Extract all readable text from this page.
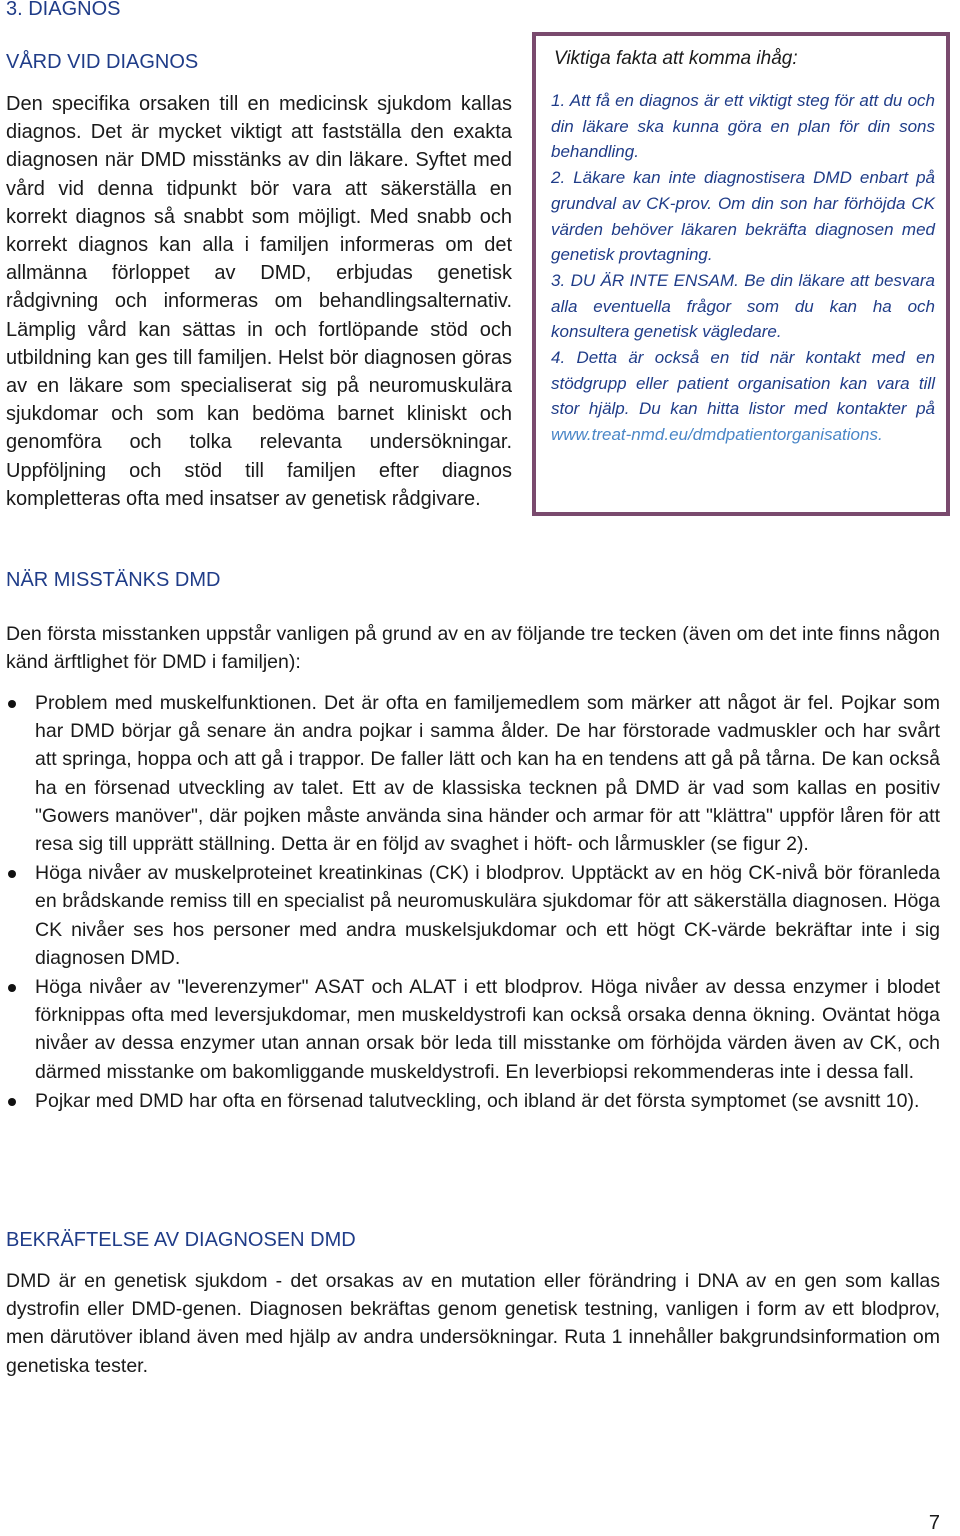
3. DIAGNOS
VÅRD VID DIAGNOS

Den specifika orsaken till en medicinsk sjukdom kallas diagnos. Det är mycket viktigt att fastställa den exakta diagnosen när DMD misstänks av din läkare. Syftet med vård vid denna tidpunkt bör vara att säkerställa en korrekt diagnos så snabbt som möjligt. Med snabb och korrekt diagnos kan alla i familjen informeras om det allmänna förloppet av DMD, erbjudas genetisk rådgivning och informeras om behandlingsalternativ. Lämplig vård kan sättas in och fortlöpande stöd och utbildning kan ges till familjen. Helst bör diagnosen göras av en läkare som specialiserat sig på neuromuskulära sjukdomar och som kan bedöma barnet kliniskt och genomföra och tolka relevanta undersökningar. Uppföljning och stöd till familjen efter diagnos kompletteras ofta med insatser av genetisk rådgivare.

Viktiga fakta att komma ihåg:

1. Att få en diagnos är ett viktigt steg för att du och din läkare ska kunna göra en plan för din sons behandling.
2. Läkare kan inte diagnostisera DMD enbart på grundval av CK-prov. Om din son har förhöjda CK värden behöver läkaren bekräfta diagnosen med genetisk provtagning.
3. DU ÄR INTE ENSAM. Be din läkare att besvara alla eventuella frågor som du kan ha och konsultera genetisk vägledare.
4. Detta är också en tid när kontakt med en stödgrupp eller patient organisation kan vara till stor hjälp. Du kan hitta listor med kontakter på www.treat-nmd.eu/dmdpatientorganisations.
NÄR MISSTÄNKS DMD

Den första misstanken uppstår vanligen på grund av en av följande tre tecken (även om det inte finns någon känd ärftlighet för DMD i familjen):

Problem med muskelfunktionen. Det är ofta en familjemedlem som märker att något är fel. Pojkar som har DMD börjar gå senare än andra pojkar i samma ålder. De har förstorade vadmuskler och har svårt att springa, hoppa och att gå i trappor. De faller lätt och kan ha en tendens att gå på tårna. De kan också ha en försenad utveckling av talet. Ett av de klassiska tecknen på DMD är vad som kallas en positiv "Gowers manöver", där pojken måste använda sina händer och armar för att "klättra" uppför låren för att resa sig till upprätt ställning. Detta är en följd av svaghet i höft- och lårmuskler (se figur 2).
Höga nivåer av muskelproteinet kreatinkinas (CK) i blodprov. Upptäckt av en hög CK-nivå bör föranleda en brådskande remiss till en specialist på neuromuskulära sjukdomar för att säkerställa diagnosen. Höga CK nivåer ses hos personer med andra muskelsjukdomar och ett högt CK-värde bekräftar inte i sig diagnosen DMD.
Höga nivåer av "leverenzymer" ASAT och ALAT i ett blodprov. Höga nivåer av dessa enzymer i blodet förknippas ofta med leversjukdomar, men muskeldystrofi kan också orsaka denna ökning. Oväntat höga nivåer av dessa enzymer utan annan orsak bör leda till misstanke om förhöjda värden även av CK, och därmed misstanke om bakomliggande muskeldystrofi. En leverbiopsi rekommenderas inte i dessa fall.
Pojkar med DMD har ofta en försenad talutveckling, och ibland är det första symptomet (se avsnitt 10).
BEKRÄFTELSE AV DIAGNOSEN DMD

DMD är en genetisk sjukdom - det orsakas av en mutation eller förändring i DNA av en gen som kallas dystrofin eller DMD-genen. Diagnosen bekräftas genom genetisk testning, vanligen i form av ett blodprov, men därutöver ibland även med hjälp av andra undersökningar. Ruta 1 innehåller bakgrundsinformation om genetiska tester.

7
